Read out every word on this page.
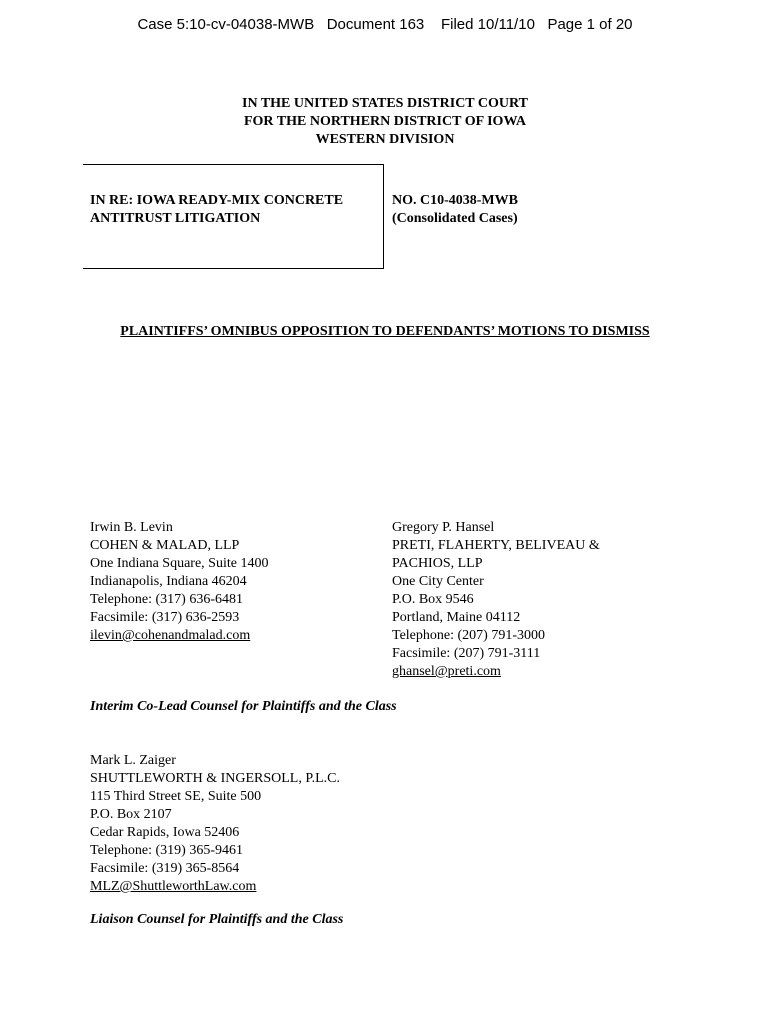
Case 5:10-cv-04038-MWB Document 163 Filed 10/11/10 Page 1 of 20
IN THE UNITED STATES DISTRICT COURT
FOR THE NORTHERN DISTRICT OF IOWA
WESTERN DIVISION
IN RE: IOWA READY-MIX CONCRETE
ANTITRUST LITIGATION
NO. C10-4038-MWB
(Consolidated Cases)
PLAINTIFFS’ OMNIBUS OPPOSITION TO DEFENDANTS’ MOTIONS TO DISMISS
Irwin B. Levin
COHEN & MALAD, LLP
One Indiana Square, Suite 1400
Indianapolis, Indiana 46204
Telephone: (317) 636-6481
Facsimile: (317) 636-2593
ilevin@cohenandmalad.com
Gregory P. Hansel
PRETI, FLAHERTY, BELIVEAU &
PACHIOS, LLP
One City Center
P.O. Box 9546
Portland, Maine 04112
Telephone: (207) 791-3000
Facsimile: (207) 791-3111
ghansel@preti.com
Interim Co-Lead Counsel for Plaintiffs and the Class
Mark L. Zaiger
SHUTTLEWORTH & INGERSOLL, P.L.C.
115 Third Street SE, Suite 500
P.O. Box 2107
Cedar Rapids, Iowa 52406
Telephone: (319) 365-9461
Facsimile: (319) 365-8564
MLZ@ShuttleworthLaw.com
Liaison Counsel for Plaintiffs and the Class
